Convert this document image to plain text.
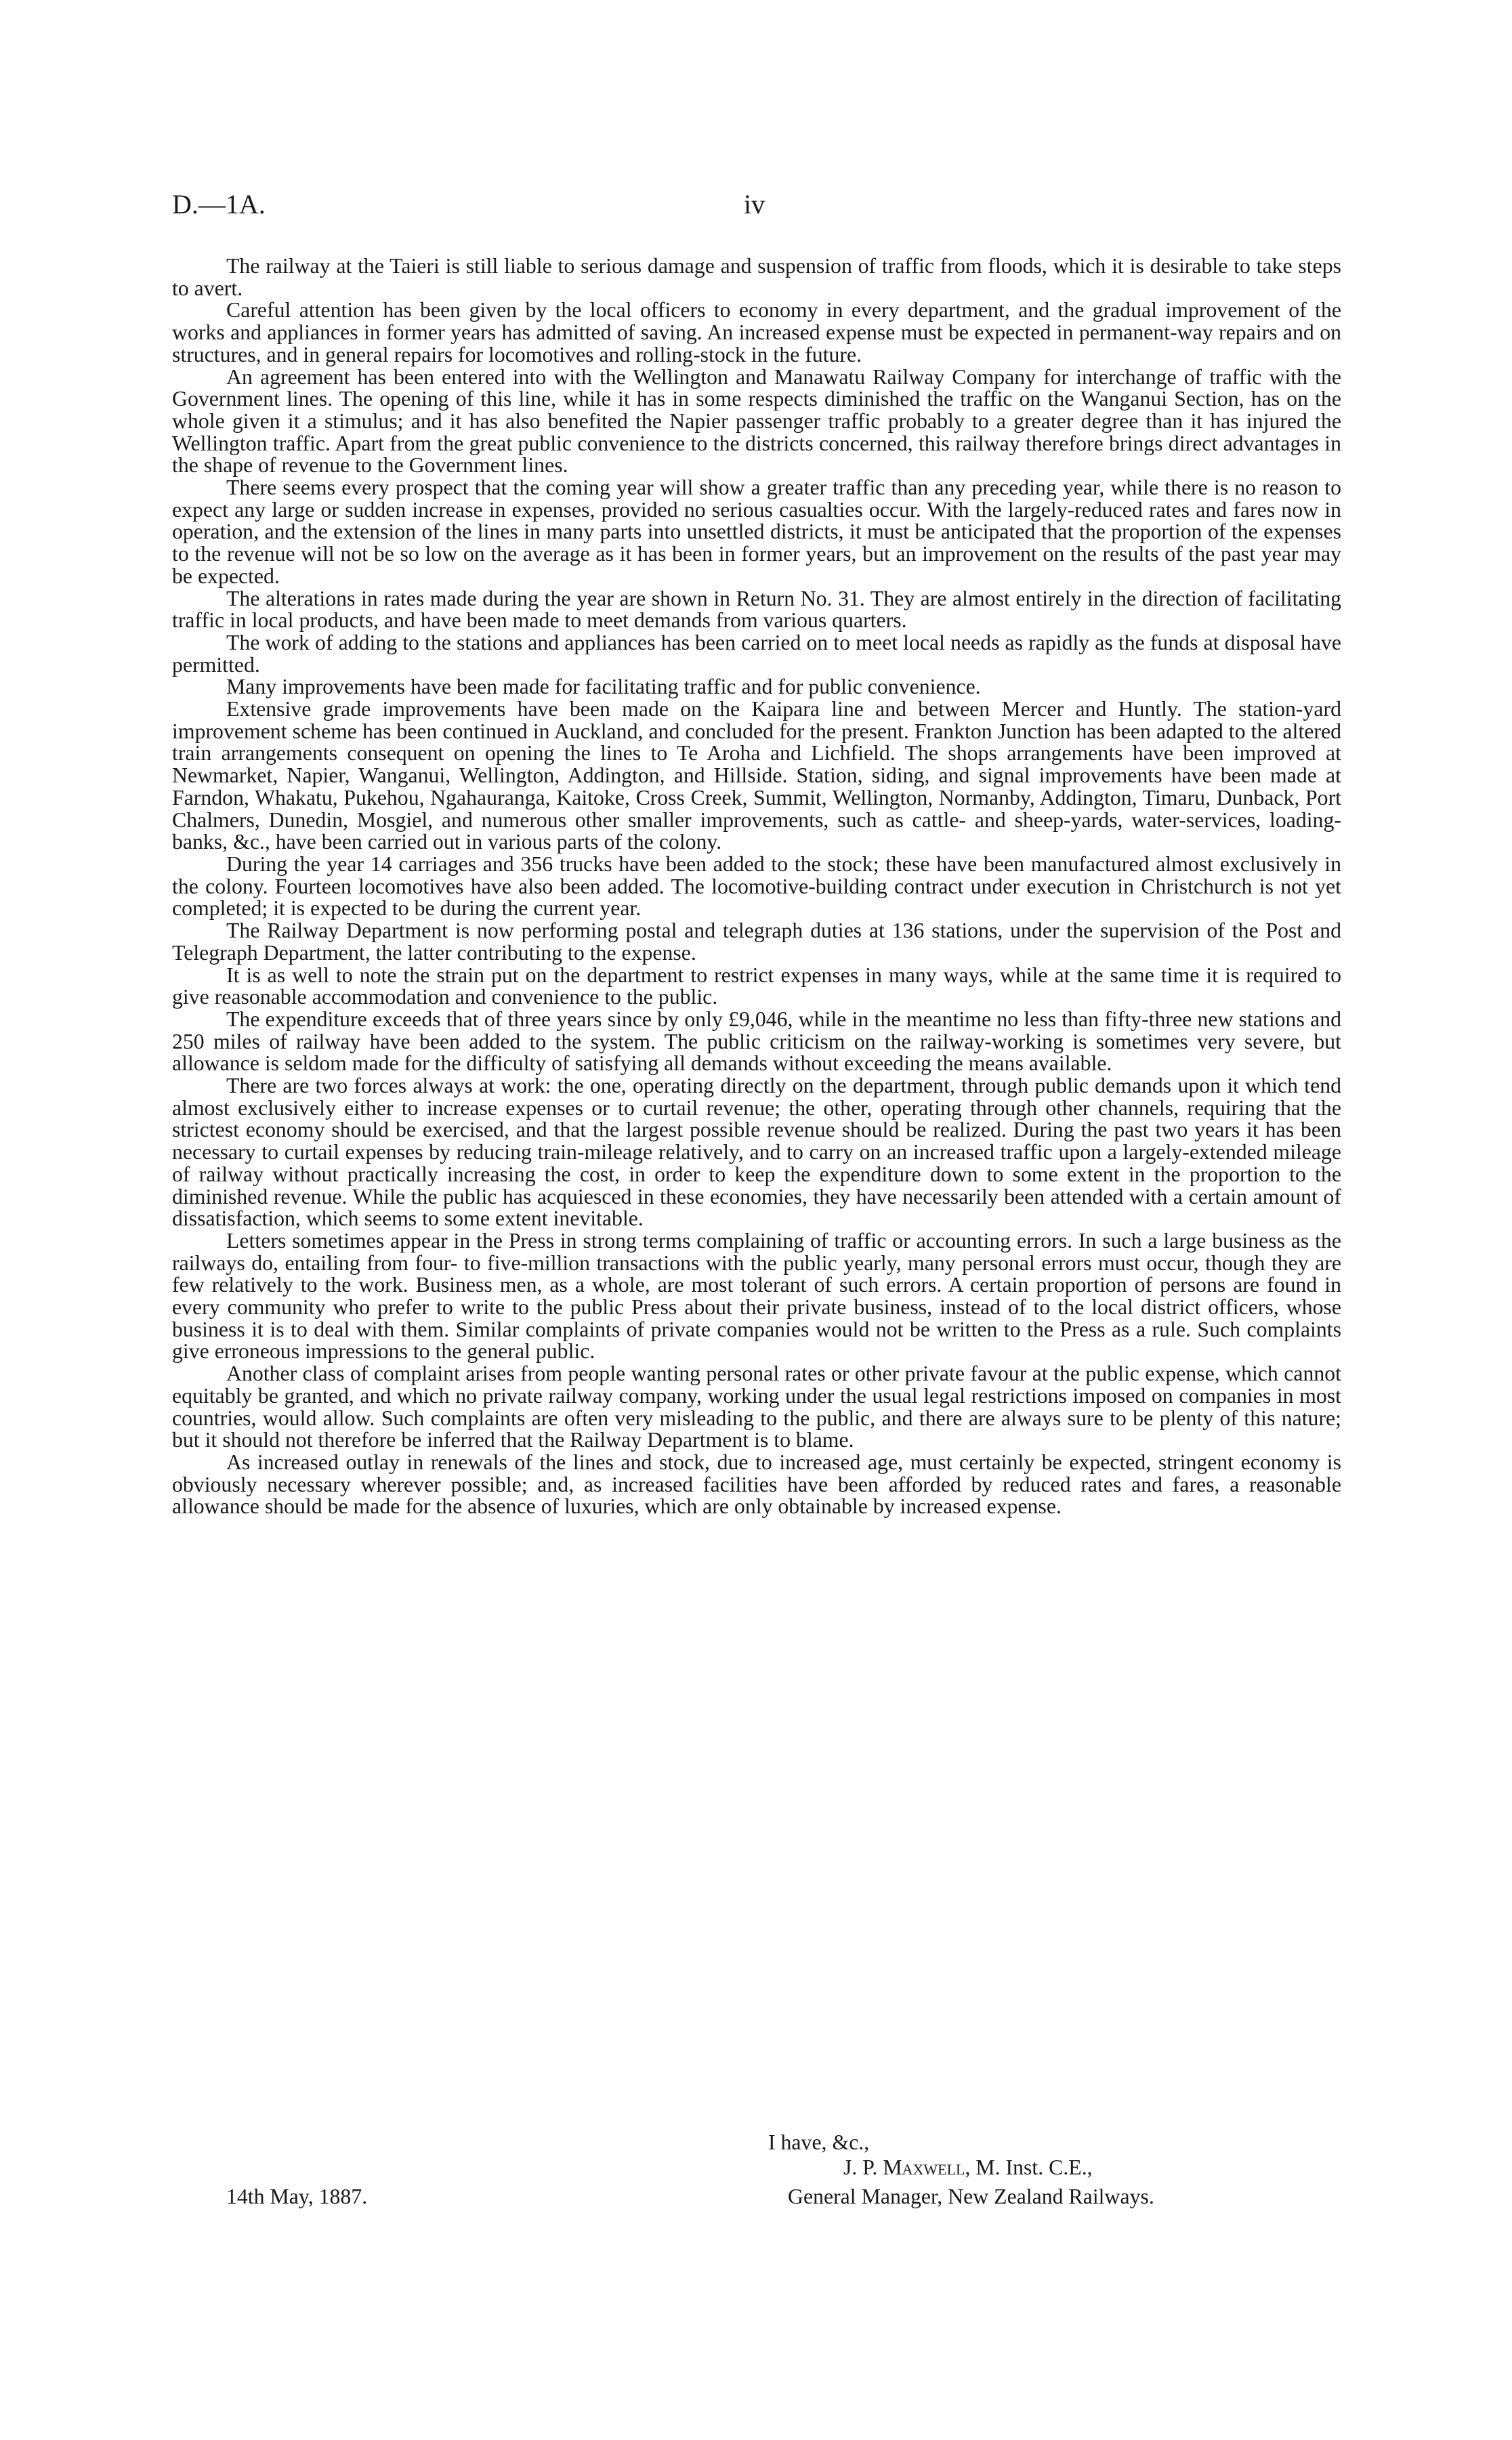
D.—1A.	iv

The railway at the Taieri is still liable to serious damage and suspension of traffic from floods, which it is desirable to take steps to avert.

Careful attention has been given by the local officers to economy in every department, and the gradual improvement of the works and appliances in former years has admitted of saving. An increased expense must be expected in permanent-way repairs and on structures, and in general repairs for locomotives and rolling-stock in the future.

An agreement has been entered into with the Wellington and Manawatu Railway Company for interchange of traffic with the Government lines. The opening of this line, while it has in some respects diminished the traffic on the Wanganui Section, has on the whole given it a stimulus; and it has also benefited the Napier passenger traffic probably to a greater degree than it has injured the Wellington traffic. Apart from the great public convenience to the districts concerned, this railway therefore brings direct advantages in the shape of revenue to the Government lines.

There seems every prospect that the coming year will show a greater traffic than any preceding year, while there is no reason to expect any large or sudden increase in expenses, provided no serious casualties occur. With the largely-reduced rates and fares now in operation, and the extension of the lines in many parts into unsettled districts, it must be anticipated that the proportion of the expenses to the revenue will not be so low on the average as it has been in former years, but an improvement on the results of the past year may be expected.

The alterations in rates made during the year are shown in Return No. 31. They are almost entirely in the direction of facilitating traffic in local products, and have been made to meet demands from various quarters.

The work of adding to the stations and appliances has been carried on to meet local needs as rapidly as the funds at disposal have permitted.

Many improvements have been made for facilitating traffic and for public convenience.

Extensive grade improvements have been made on the Kaipara line and between Mercer and Huntly. The station-yard improvement scheme has been continued in Auckland, and concluded for the present. Frankton Junction has been adapted to the altered train arrangements consequent on opening the lines to Te Aroha and Lichfield. The shops arrangements have been improved at Newmarket, Napier, Wanganui, Wellington, Addington, and Hillside. Station, siding, and signal improvements have been made at Farndon, Whakatu, Pukehou, Ngahauranga, Kaitoke, Cross Creek, Summit, Wellington, Normanby, Addington, Timaru, Dunback, Port Chalmers, Dunedin, Mosgiel, and numerous other smaller improvements, such as cattle- and sheep-yards, water-services, loading-banks, &c., have been carried out in various parts of the colony.

During the year 14 carriages and 356 trucks have been added to the stock; these have been manufactured almost exclusively in the colony. Fourteen locomotives have also been added. The locomotive-building contract under execution in Christchurch is not yet completed; it is expected to be during the current year.

The Railway Department is now performing postal and telegraph duties at 136 stations, under the supervision of the Post and Telegraph Department, the latter contributing to the expense.

It is as well to note the strain put on the department to restrict expenses in many ways, while at the same time it is required to give reasonable accommodation and convenience to the public.

The expenditure exceeds that of three years since by only £9,046, while in the meantime no less than fifty-three new stations and 250 miles of railway have been added to the system. The public criticism on the railway-working is sometimes very severe, but allowance is seldom made for the difficulty of satisfying all demands without exceeding the means available.

There are two forces always at work: the one, operating directly on the department, through public demands upon it which tend almost exclusively either to increase expenses or to curtail revenue; the other, operating through other channels, requiring that the strictest economy should be exercised, and that the largest possible revenue should be realized. During the past two years it has been necessary to curtail expenses by reducing train-mileage relatively, and to carry on an increased traffic upon a largely-extended mileage of railway without practically increasing the cost, in order to keep the expenditure down to some extent in the proportion to the diminished revenue. While the public has acquiesced in these economies, they have necessarily been attended with a certain amount of dissatisfaction, which seems to some extent inevitable.

Letters sometimes appear in the Press in strong terms complaining of traffic or accounting errors. In such a large business as the railways do, entailing from four- to five-million transactions with the public yearly, many personal errors must occur, though they are few relatively to the work. Business men, as a whole, are most tolerant of such errors. A certain proportion of persons are found in every community who prefer to write to the public Press about their private business, instead of to the local district officers, whose business it is to deal with them. Similar complaints of private companies would not be written to the Press as a rule. Such complaints give erroneous impressions to the general public.

Another class of complaint arises from people wanting personal rates or other private favour at the public expense, which cannot equitably be granted, and which no private railway company, working under the usual legal restrictions imposed on companies in most countries, would allow. Such complaints are often very misleading to the public, and there are always sure to be plenty of this nature; but it should not therefore be inferred that the Railway Department is to blame.

As increased outlay in renewals of the lines and stock, due to increased age, must certainly be expected, stringent economy is obviously necessary wherever possible; and, as increased facilities have been afforded by reduced rates and fares, a reasonable allowance should be made for the absence of luxuries, which are only obtainable by increased expense.

I have, &c.,
J. P. Maxwell, M. Inst. C.E.,
14th May, 1887.	General Manager, New Zealand Railways.
